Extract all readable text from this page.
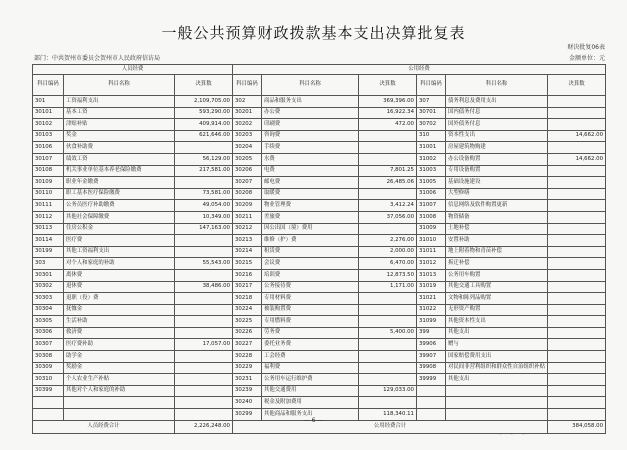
一般公共预算财政拨款基本支出决算批复表
财決批复06表
部门：中共贺州市委员会贺州市人民政府信访局	金额单位：元
人员经费			公用经费					
科目编码	科目名称	决算数	科目编码	科目名称	决算数	科目编码	科目名称	决算数
301	工资福利支出	2,109,705.00	302	商品和服务支出	369,396.00	307	债务利息及费用支出	
30101	基本工资	593,290.00	30201	办公费	16,922.34	30701	国内债务付息	
30102	津贴补贴	409,914.00	30202	印刷费	472.00	30702	国外债务付息	
30103	奖金	621,646.00	30203	咨询费		310	资本性支出	14,662.00
30106	伙食补助费		30204	手续费		31001	房屋建筑物购建	
30107	绩效工资	56,129.00	30205	水费		31002	办公设备购置	14,662.00
30108	机关事业单位基本养老保险缴费	217,581.00	30206	电费	7,801.25	31003	专用设备购置	
30109	职业年金缴费		30207	邮电费	26,485.06	31005	基础设施建设	
30110	职工基本医疗保险缴费	73,581.00	30208	取暖费		31006	大型修缮	
30111	公务员医疗补助缴费	49,054.00	30209	物业管理费	3,412.24	31007	信息网络及软件购置更新	
30112	其他社会保障缴费	10,349.00	30211	差旅费	37,056.00	31008	物资储备	
30113	住房公积金	147,163.00	30212	因公出国（境）费用		31009	土地补偿	
30114	医疗费		30213	维修（护）费	2,276.00	31010	安置补助	
30199	其他工资福利支出		30214	租赁费	2,000.00	31011	地上附着物和青苗补偿	
303	对个人和家庭的补助	55,543.00	30215	会议费	6,470.00	31012	拆迁补偿	
30301	离休费		30216	培训费	12,873.50	31013	公务用车购置	
30302	退休费	38,486.00	30217	公务接待费	1,171.00	31019	其他交通工具购置	
30303	退职（役）费		30218	专用材料费		31021	文物和陈列品购置	
30304	抚恤金		30224	被装购置费		31022	无形资产购置	
30305	生活补助		30225	专用燃料费		31099	其他资本性支出	
30306	救济费		30226	劳务费	5,400.00	399	其他支出	
30307	医疗费补助	17,057.00	30227	委托业务费		39906	赠与	
30308	助学金		30228	工会经费		39907	国家赔偿费用支出	
30309	奖励金		30229	福利费		39908	对民间非营利组织和群众性自治组织补贴	
30310	个人农业生产补贴		30231	公务用车运行维护费		39999	其他支出	
30399	其他对个人和家庭的补助		30239	其他交通费用	129,033.00			
			30240	税金及附加费用				
			30299	其他商品和服务支出	118,340.11			
人员经费合计		2,226,248.00	公用经费合计					384,058.00
— 6 —
· · ·
